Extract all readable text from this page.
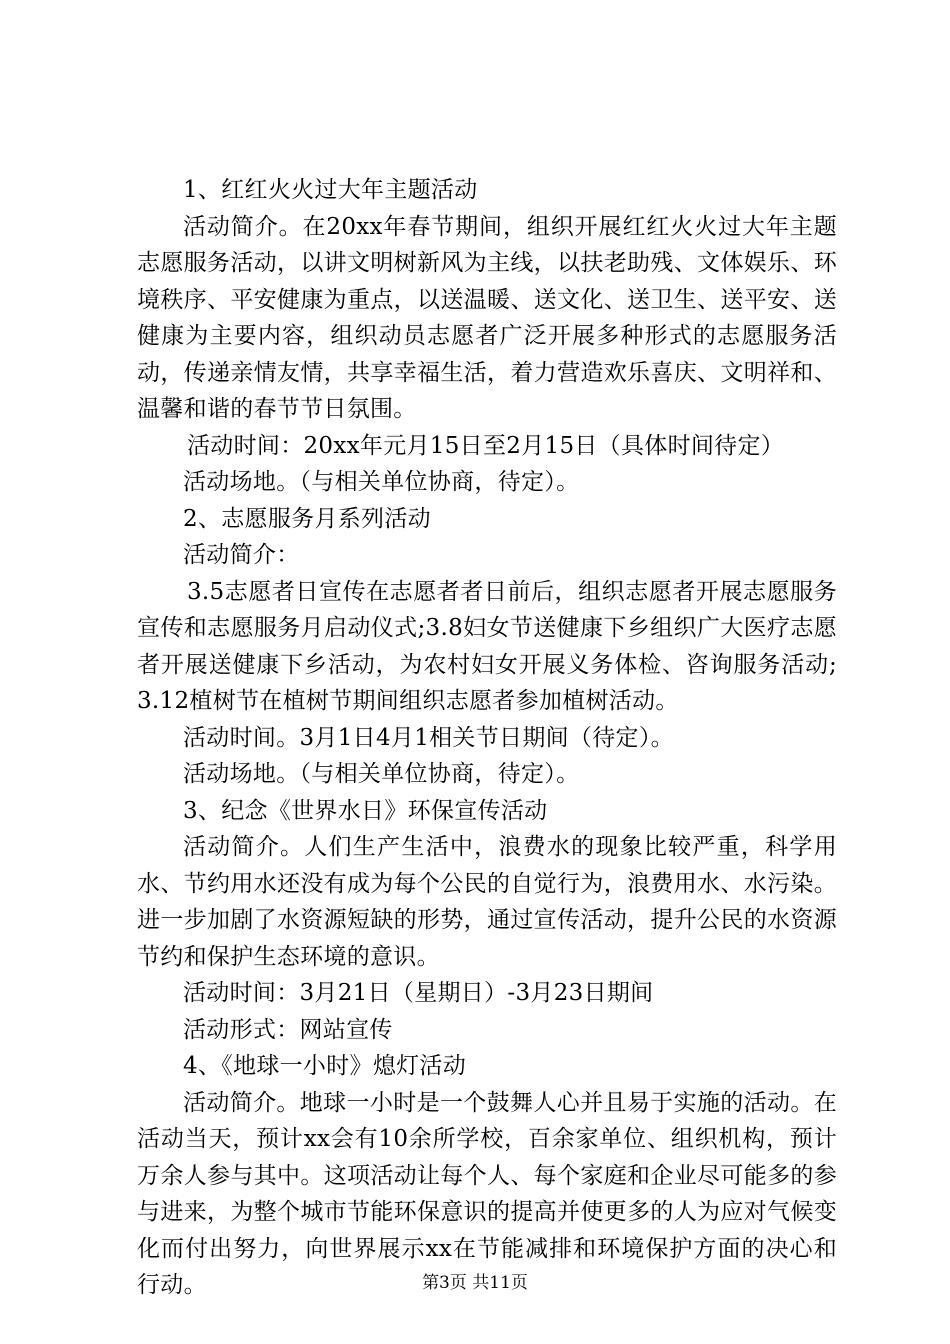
1、红红火火过大年主题活动

活动简介。在20xx年春节期间，组织开展红红火火过大年主题志愿服务活动，以讲文明树新风为主线，以扶老助残、文体娱乐、环境秩序、平安健康为重点，以送温暖、送文化、送卫生、送平安、送健康为主要内容，组织动员志愿者广泛开展多种形式的志愿服务活动，传递亲情友情，共享幸福生活，着力营造欢乐喜庆、文明祥和、温馨和谐的春节节日氛围。

活动时间：20xx年元月15日至2月15日（具体时间待定）

活动场地。（与相关单位协商，待定）。

2、志愿服务月系列活动

活动简介：

3.5志愿者日宣传在志愿者者日前后，组织志愿者开展志愿服务宣传和志愿服务月启动仪式;3.8妇女节送健康下乡组织广大医疗志愿者开展送健康下乡活动，为农村妇女开展义务体检、咨询服务活动;3.12植树节在植树节期间组织志愿者参加植树活动。

活动时间。3月1日4月1相关节日期间（待定）。

活动场地。（与相关单位协商，待定）。

3、纪念《世界水日》环保宣传活动

活动简介。人们生产生活中，浪费水的现象比较严重，科学用水、节约用水还没有成为每个公民的自觉行为，浪费用水、水污染。进一步加剧了水资源短缺的形势，通过宣传活动，提升公民的水资源节约和保护生态环境的意识。

活动时间：3月21日（星期日）-3月23日期间

活动形式：网站宣传

4、《地球一小时》熄灯活动

活动简介。地球一小时是一个鼓舞人心并且易于实施的活动。在活动当天，预计xx会有10余所学校，百余家单位、组织机构，预计万余人参与其中。这项活动让每个人、每个家庭和企业尽可能多的参与进来，为整个城市节能环保意识的提高并使更多的人为应对气候变化而付出努力，向世界展示xx在节能减排和环境保护方面的决心和行动。	第3页 共11页
